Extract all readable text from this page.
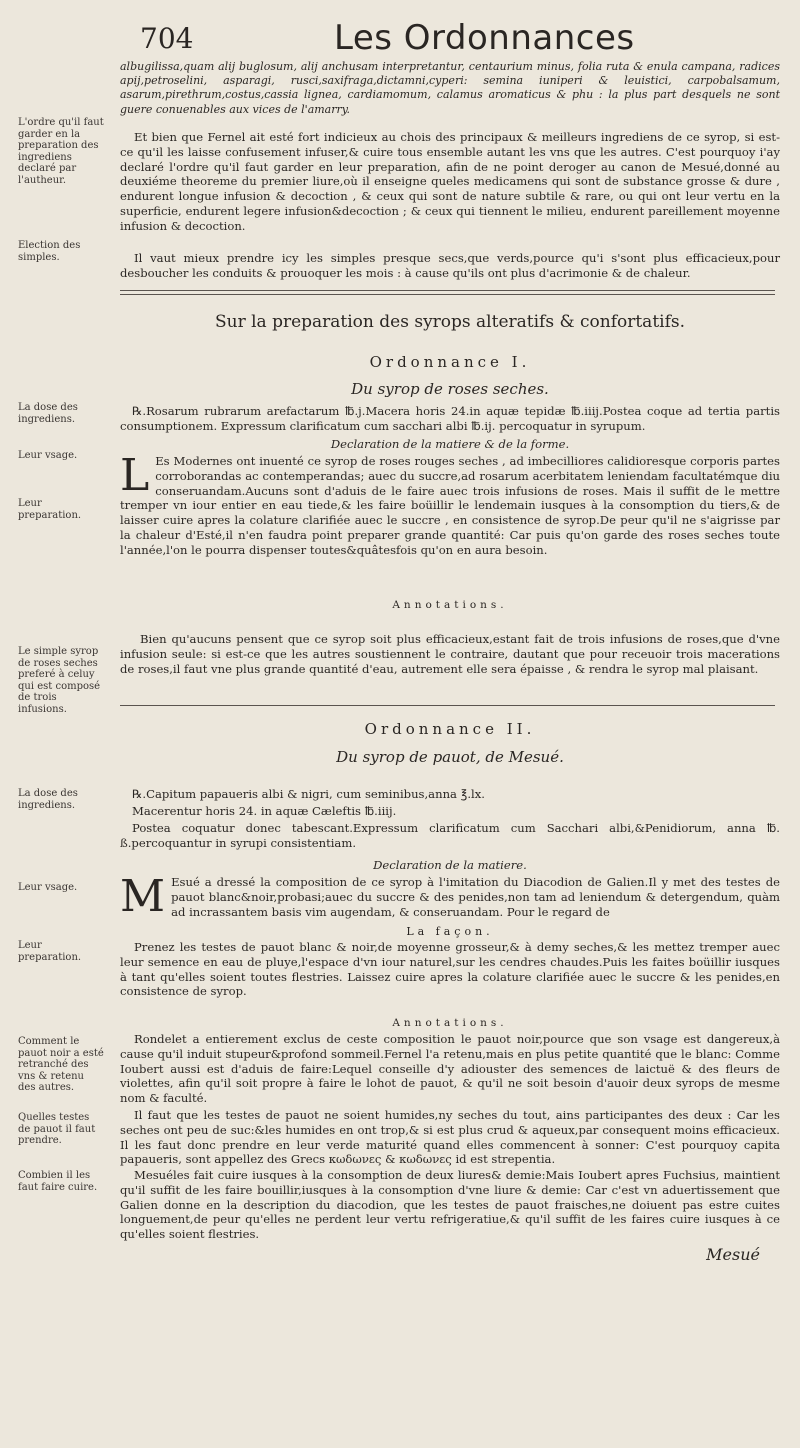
704	Les Ordonnances
albugilissa,quam alij buglosum, alij anchusam interpretantur, centaurium minus, folia ruta & enula campana, radices apij,petroselini, asparagi, rusci,saxifraga,dictamni,cyperi: semina iuniperi & leuistici, carpobalsamum, asarum,pirethrum,costus,cassia lignea, cardiamomum, calamus aromaticus & phu : la plus part desquels ne sont guere conuenables aux vices de l'amarry.
Et bien que Fernel ait esté fort indicieux au chois des principaux & meilleurs ingrediens de ce syrop, si est-ce qu'il les laisse confusement infuser,& cuire tous ensemble autant les vns que les autres. C'est pourquoy i'ay declaré l'ordre qu'il faut garder en leur preparation, afin de ne point deroger au canon de Mesué,donné au deuxiéme theoreme du premier liure,où il enseigne queles medicamens qui sont de substance grosse & dure , endurent longue infusion & decoction , & ceux qui sont de nature subtile & rare, ou qui ont leur vertu en la superficie, endurent legere infusion&decoction ; & ceux qui tiennent le milieu, endurent pareillement moyenne infusion & decoction.
Il vaut mieux prendre icy les simples presque secs,que verds,pource qu'i s'sont plus efficacieux,pour desboucher les conduits & prouoquer les mois : à cause qu'ils ont plus d'acrimonie & de chaleur.
L'ordre qu'il faut garder en la preparation des ingrediens declaré par l'autheur.
Election des simples.
Sur la preparation des syrops alteratifs & confortatifs.
Ordonnance I.
Du syrop de roses seches.
La dose des ingrediens.
℞.Rosarum rubrarum arefactarum ℔.j.Macera horis 24.in aquæ tepidæ ℔.iiij.Postea coque ad tertia partis consumptionem. Expressum clarificatum cum sacchari albi ℔.ij. percoquatur in syrupum.
Leur vsage.
Declaration de la matiere & de la forme.
L Es Modernes ont inuenté ce syrop de roses rouges seches , ad imbecilliores calidioresque corporis partes corroborandas ac contemperandas; auec du succre,ad rosarum acerbitatem leniendam facultatémque diu conseruandam.Aucuns sont d'aduis de le faire auec trois infusions de roses. Mais il suffit de le mettre tremper vn iour entier en eau tiede,& les faire boüillir le lendemain iusques à la consomption du tiers,& de laisser cuire apres la colature clarifiée auec le succre , en consistence de syrop.De peur qu'il ne s'aigrisse par la chaleur d'Esté,il n'en faudra point preparer grande quantité: Car puis qu'on garde des roses seches toute l'année,l'on le pourra dispenser toutes&quâtesfois qu'on en aura besoin.
Leur preparation.
Annotations.
Bien qu'aucuns pensent que ce syrop soit plus efficacieux,estant fait de trois infusions de roses,que d'vne infusion seule: si est-ce que les autres soustiennent le contraire, dautant que pour receuoir trois macerations de roses,il faut vne plus grande quantité d'eau, autrement elle sera épaisse , & rendra le syrop mal plaisant.
Le simple syrop de roses seches preferé à celuy qui est composé de trois infusions.
Ordonnance II.
Du syrop de pauot, de Mesué.
La dose des ingrediens.
℞.Capitum papaueris albi & nigri, cum seminibus,anna ℥.lx.
Macerentur horis 24. in aquæ Cæleftis ℔.iiij.
Postea coquatur donec tabescant.Expressum clarificatum cum Sacchari albi,&Penidiorum, anna ℔. ß.percoquantur in syrupi consistentiam.
Declaration de la matiere.
Leur vsage. M Esué a dressé la composition de ce syrop à l'imitation du Diacodion de Galien.Il y met des testes de pauot blanc&noir,probasi;auec du succre & des penides,non tam ad leniendum & detergendum, quàm ad incrassantem basis vim augendam, & conseruandam. Pour le regard de
La façon.
Leur preparation.
Prenez les testes de pauot blanc & noir,de moyenne grosseur,& à demy seches,& les mettez tremper auec leur semence en eau de pluye,l'espace d'vn iour naturel,sur les cendres chaudes.Puis les faites boüillir iusques à tant qu'elles soient toutes flestries. Laissez cuire apres la colature clarifiée auec le succre & les penides,en consistence de syrop.
Annotations.
Comment le pauot noir a esté retranché des vns & retenu des autres.
Rondelet a entierement exclus de ceste composition le pauot noir,pource que son vsage est dangereux,à cause qu'il induit stupeur&profond sommeil.Fernel l'a retenu,mais en plus petite quantité que le blanc: Comme Ioubert aussi est d'aduis de faire:Lequel conseille d'y adiouster des semences de laictuë & des fleurs de violettes, afin qu'il soit propre à faire le lohot de pauot, & qu'il ne soit besoin d'auoir deux syrops de mesme nom & faculté.
Quelles testes de pauot il faut prendre.
Il faut que les testes de pauot ne soient humides,ny seches du tout, ains participantes des deux : Car les seches ont peu de suc:&les humides en ont trop,& si est plus crud & aqueux,par consequent moins efficacieux. Il les faut donc prendre en leur verde maturité quand elles commencent à sonner: C'est pourquoy capita papaueris, sont appellez des Grecs κωδωνες & κωδωνες id est strepentia.
Combien il les faut faire cuire.
Mesuéles fait cuire iusques à la consomption de deux liures& demie:Mais Ioubert apres Fuchsius, maintient qu'il suffit de les faire bouillir,iusques à la consomption d'vne liure & demie: Car c'est vn aduertissement que Galien donne en la description du diacodion, que les testes de pauot fraisches,ne doiuent pas estre cuites longuement,de peur qu'elles ne perdent leur vertu refrigeratiue,& qu'il suffit de les faires cuire iusques à ce qu'elles soient flestries.
Mesué
